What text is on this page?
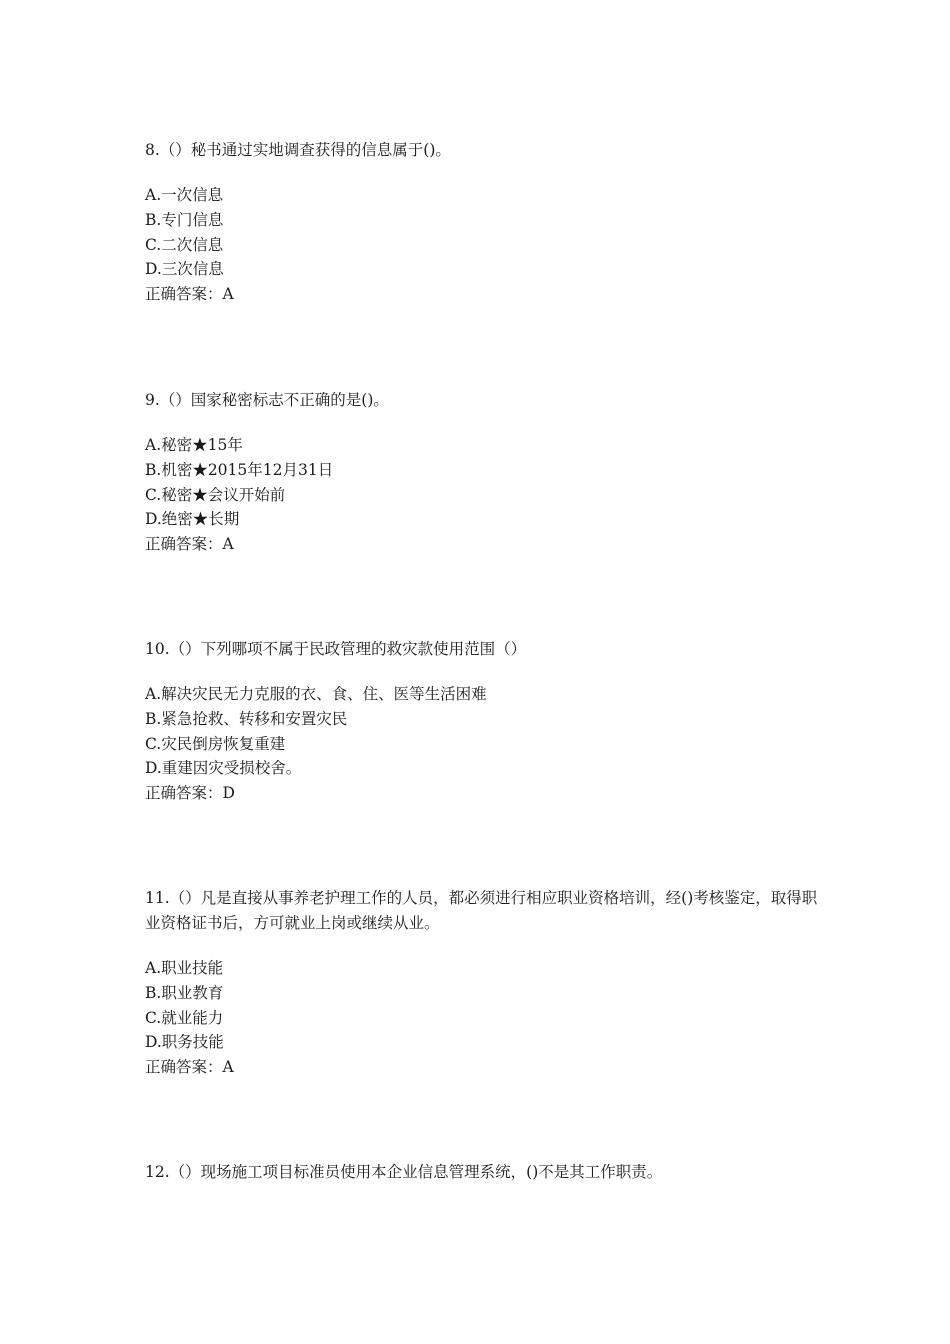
8.（）秘书通过实地调查获得的信息属于()。

A.一次信息

B.专门信息

C.二次信息

D.三次信息

正确答案：A

9.（）国家秘密标志不正确的是()。

A.秘密★15年

B.机密★2015年12月31日

C.秘密★会议开始前

D.绝密★长期

正确答案：A

10.（）下列哪项不属于民政管理的救灾款使用范围（）

A.解决灾民无力克服的衣、食、住、医等生活困难

B.紧急抢救、转移和安置灾民

C.灾民倒房恢复重建

D.重建因灾受损校舍。

正确答案：D

11.（）凡是直接从事养老护理工作的人员，都必须进行相应职业资格培训，经()考核鉴定，取得职业资格证书后，方可就业上岗或继续从业。

A.职业技能

B.职业教育

C.就业能力

D.职务技能

正确答案：A

12.（）现场施工项目标准员使用本企业信息管理系统，()不是其工作职责。
